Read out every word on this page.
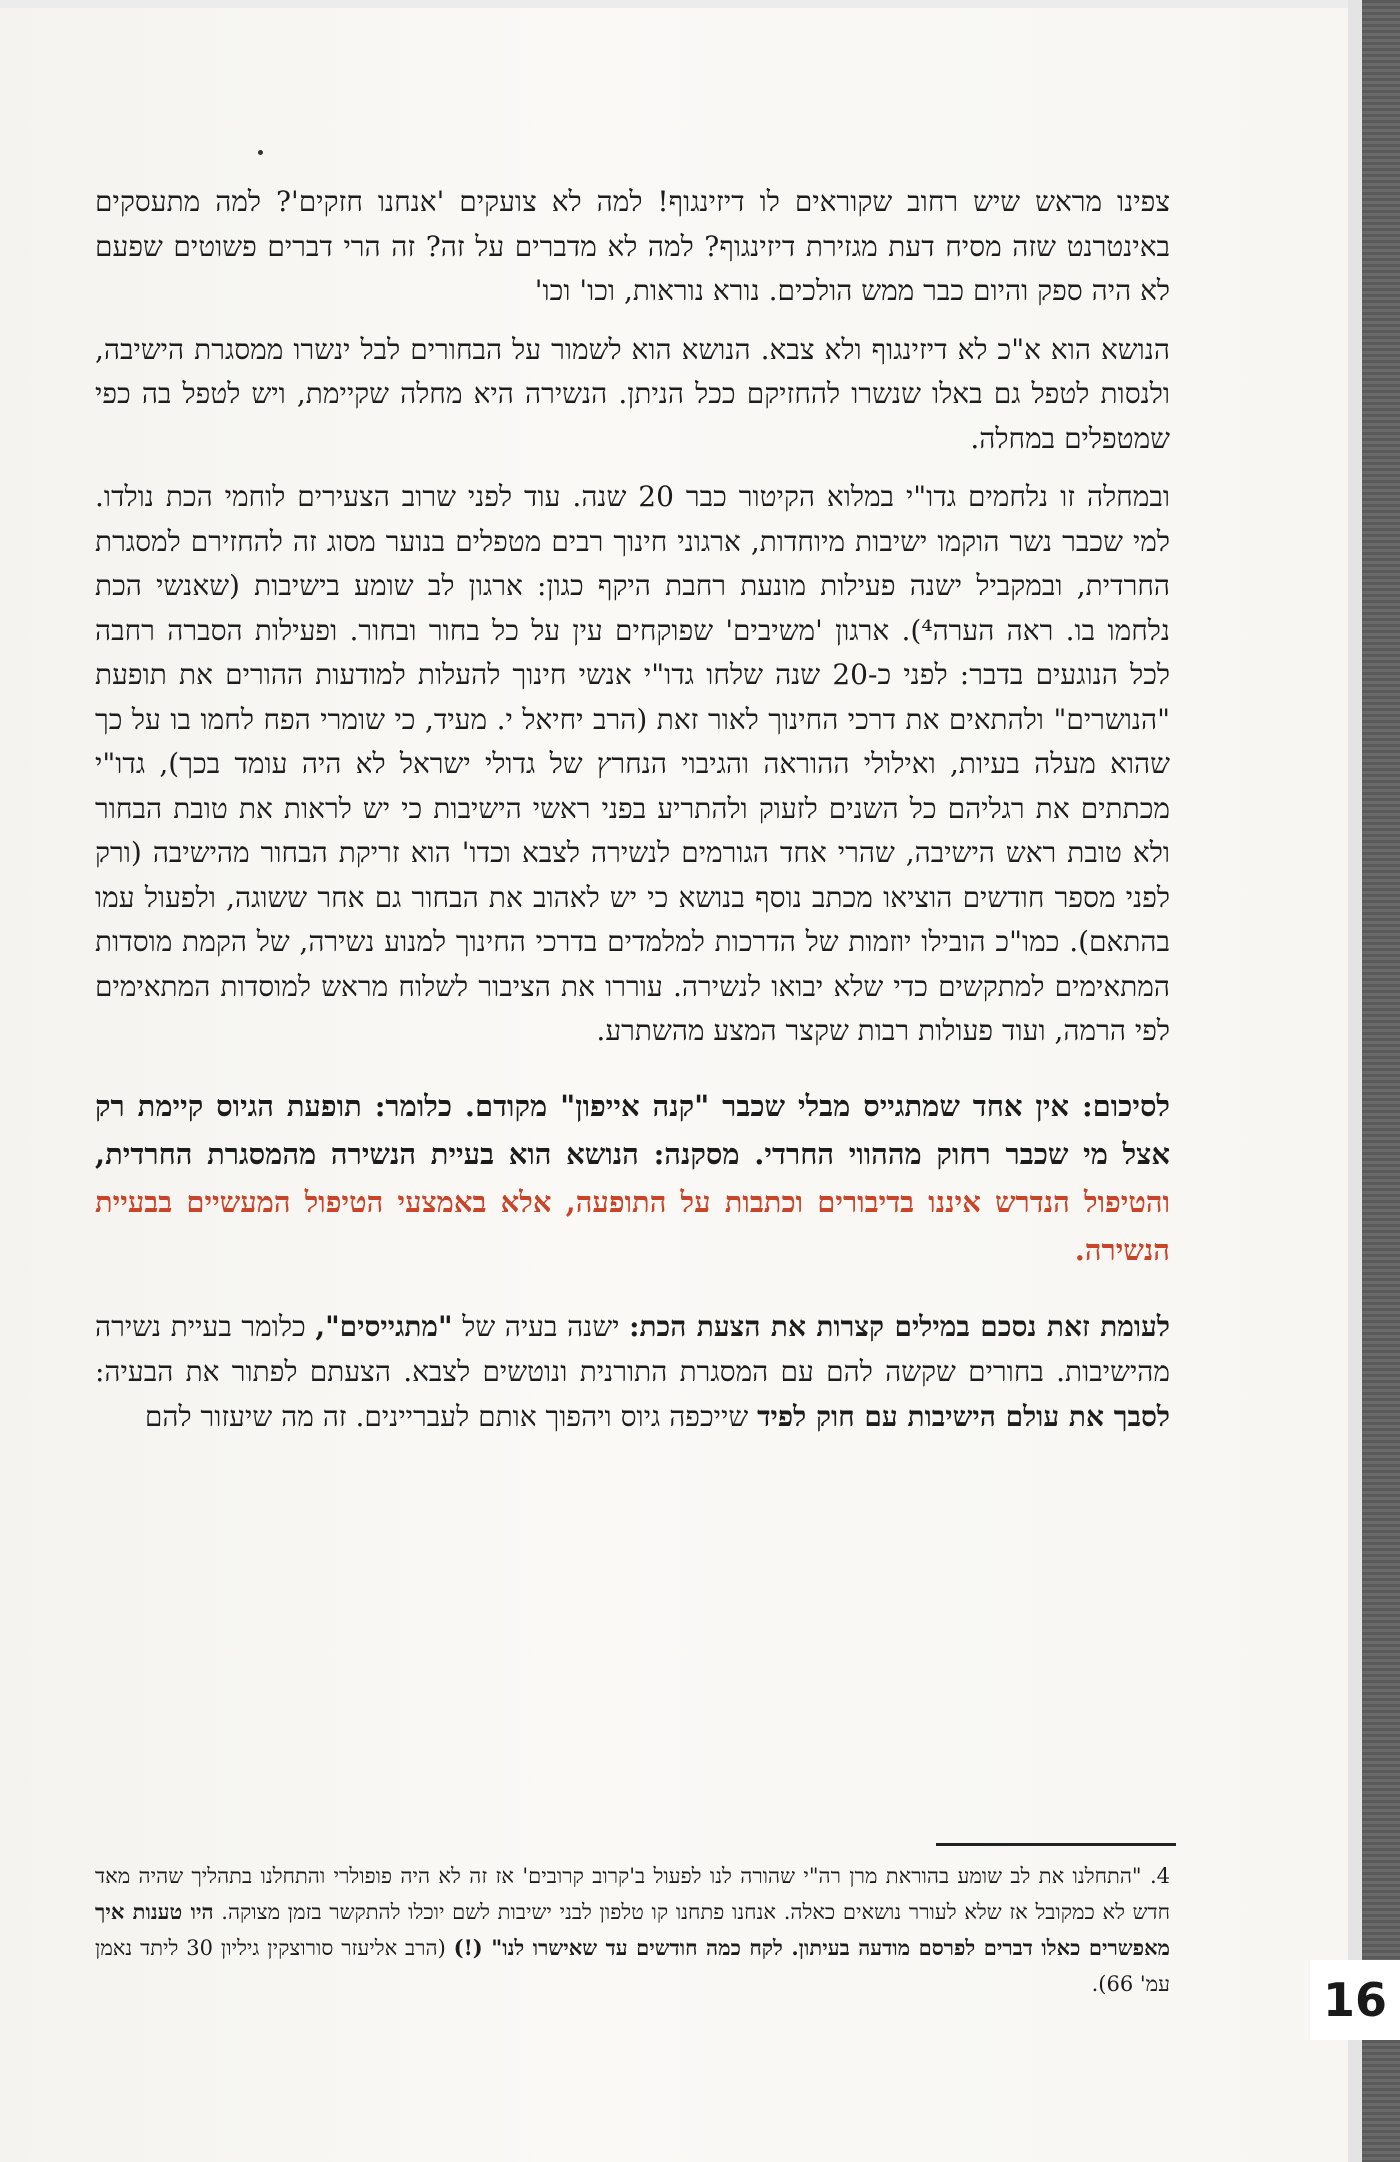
16

צפינו מראש שיש רחוב שקוראים לו דיזינגוף! למה לא צועקים 'אנחנו חזקים'? למה מתעסקים באינטרנט שזה מסיח דעת מגזירת דיזינגוף? למה לא מדברים על זה? זה הרי דברים פשוטים שפעם לא היה ספק והיום כבר ממש הולכים. נורא נוראות, וכו' וכו'

הנושא הוא א"כ לא דיזינגוף ולא צבא. הנושא הוא לשמור על הבחורים לבל ינשרו ממסגרת הישיבה, ולנסות לטפל גם באלו שנשרו להחזיקם ככל הניתן. הנשירה היא מחלה שקיימת, ויש לטפל בה כפי שמטפלים במחלה.

ובמחלה זו נלחמים גדו"י במלוא הקיטור כבר 20 שנה. עוד לפני שרוב הצעירים לוחמי הכת נולדו. למי שכבר נשר הוקמו ישיבות מיוחדות, ארגוני חינוך רבים מטפלים בנוער מסוג זה להחזירם למסגרת החרדית, ובמקביל ישנה פעילות מונעת רחבת היקף כגון: ארגון לב שומע בישיבות (שאנשי הכת נלחמו בו. ראה הערה⁴). ארגון 'משיבים' שפוקחים עין על כל בחור ובחור. ופעילות הסברה רחבה לכל הנוגעים בדבר: לפני כ-20 שנה שלחו גדו"י אנשי חינוך להעלות למודעות ההורים את תופעת "הנושרים" ולהתאים את דרכי החינוך לאור זאת (הרב יחיאל י. מעיד, כי שומרי הפח לחמו בו על כך שהוא מעלה בעיות, ואילולי ההוראה והגיבוי הנחרץ של גדולי ישראל לא היה עומד בכך), גדו"י מכתתים את רגליהם כל השנים לזעוק ולהתריע בפני ראשי הישיבות כי יש לראות את טובת הבחור ולא טובת ראש הישיבה, שהרי אחד הגורמים לנשירה לצבא וכדו' הוא זריקת הבחור מהישיבה (ורק לפני מספר חודשים הוציאו מכתב נוסף בנושא כי יש לאהוב את הבחור גם אחר ששוגה, ולפעול עמו בהתאם). כמו"כ הובילו יוזמות של הדרכות למלמדים בדרכי החינוך למנוע נשירה, של הקמת מוסדות המתאימים למתקשים כדי שלא יבואו לנשירה. עוררו את הציבור לשלוח מראש למוסדות המתאימים לפי הרמה, ועוד פעולות רבות שקצר המצע מהשתרע.

לסיכום: אין אחד שמתגייס מבלי שכבר "קנה אייפון" מקודם. כלומר: תופעת הגיוס קיימת רק אצל מי שכבר רחוק מההווי החרדי. מסקנה: הנושא הוא בעיית הנשירה מהמסגרת החרדית, והטיפול הנדרש איננו בדיבורים וכתבות על התופעה, אלא באמצעי הטיפול המעשיים בבעיית הנשירה.

לעומת זאת נסכם במילים קצרות את הצעת הכת: ישנה בעיה של "מתגייסים", כלומר בעיית נשירה מהישיבות. בחורים שקשה להם עם המסגרת התורנית ונוטשים לצבא. הצעתם לפתור את הבעיה: לסבך את עולם הישיבות עם חוק לפיד שייכפה גיוס ויהפוך אותם לעבריינים. זה מה שיעזור להם

4. "התחלנו את לב שומע בהוראת מרן רה"י שהורה לנו לפעול ב'קרוב קרובים' אז זה לא היה פופולרי והתחלנו בתהליך שהיה מאד חדש לא כמקובל אז שלא לעורר נושאים כאלה. אנחנו פתחנו קו טלפון לבני ישיבות לשם יוכלו להתקשר בזמן מצוקה. היו טענות איך מאפשרים כאלו דברים לפרסם מודעה בעיתון. לקח כמה חודשים עד שאישרו לנו" (!) (הרב אליעזר סורוצקין גיליון 30 ליתד נאמן עמ' 66).
